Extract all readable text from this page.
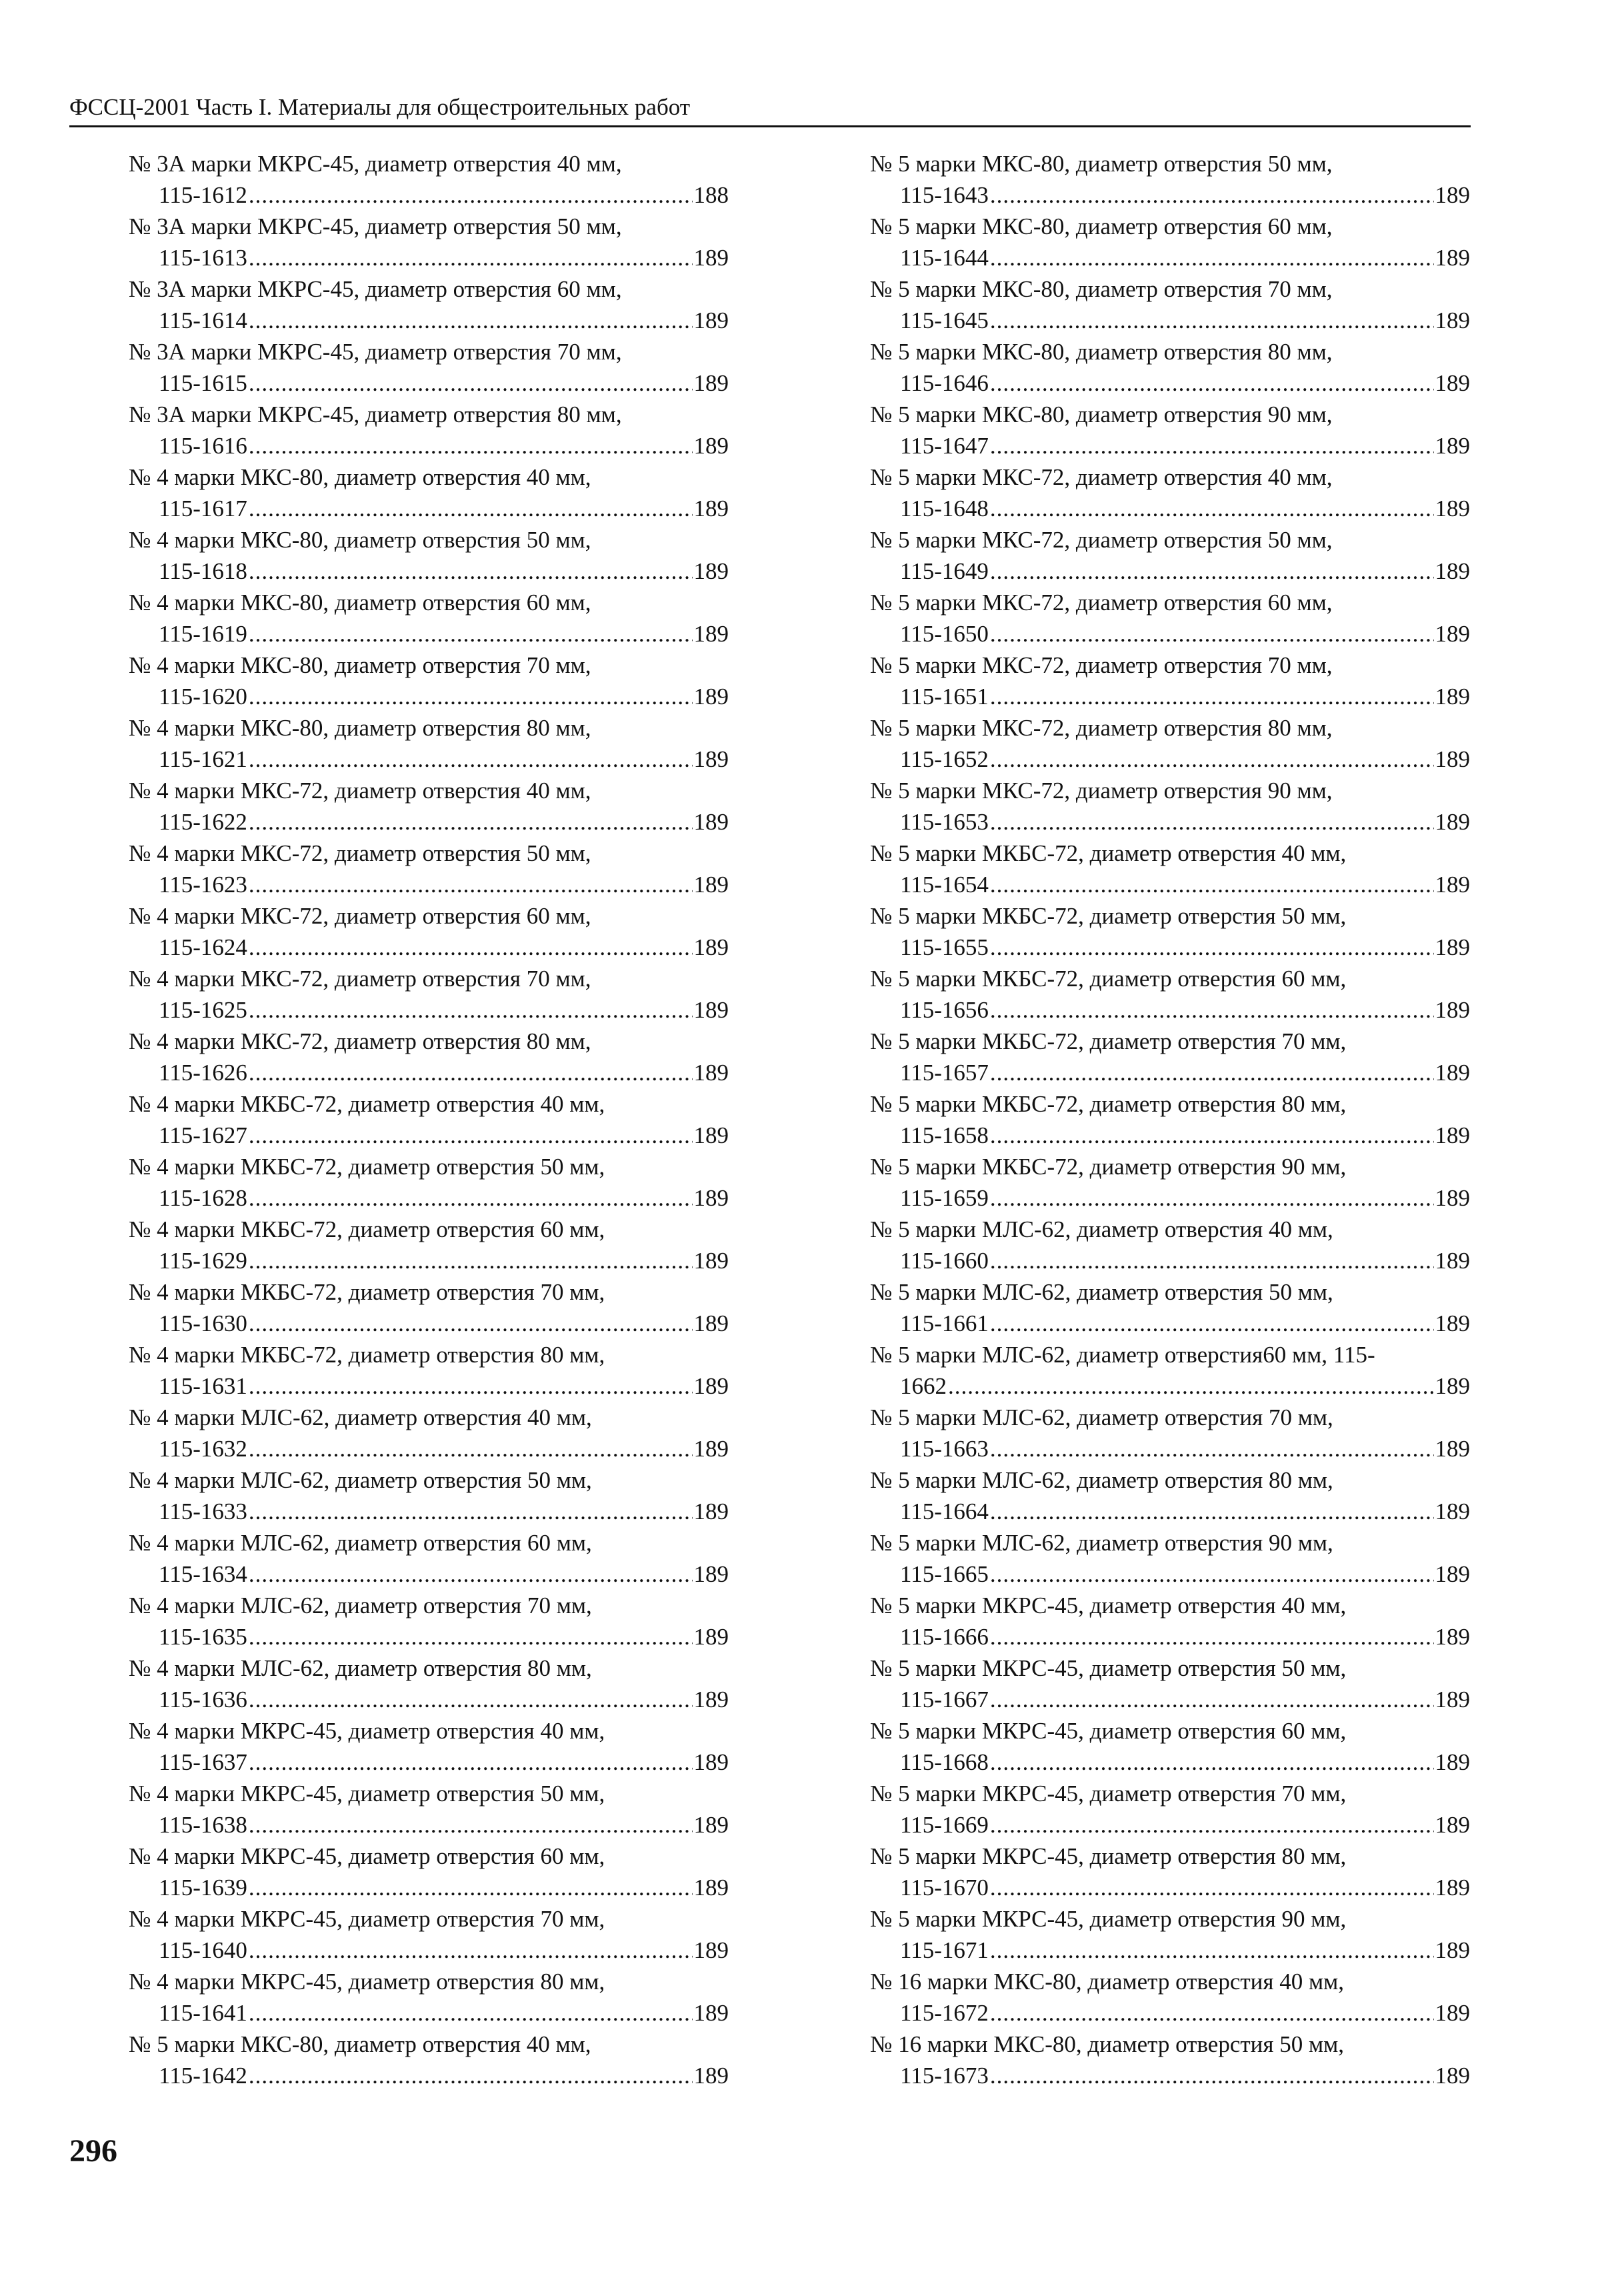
ФССЦ-2001 Часть I. Материалы для общестроительных работ
№ 3А марки МКРС-45, диаметр отверстия 40 мм,
115-1612 .....	188
№ 3А марки МКРС-45, диаметр отверстия 50 мм,
115-1613 .....	189
№ 3А марки МКРС-45, диаметр отверстия 60 мм,
115-1614 .....	189
№ 3А марки МКРС-45, диаметр отверстия 70 мм,
115-1615 .....	189
№ 3А марки МКРС-45, диаметр отверстия 80 мм,
115-1616 .....	189
№ 4 марки МКС-80, диаметр отверстия 40 мм,
115-1617 .....	189
№ 4 марки МКС-80, диаметр отверстия 50 мм,
115-1618 .....	189
№ 4 марки МКС-80, диаметр отверстия 60 мм,
115-1619 .....	189
№ 4 марки МКС-80, диаметр отверстия 70 мм,
115-1620 .....	189
№ 4 марки МКС-80, диаметр отверстия 80 мм,
115-1621 .....	189
№ 4 марки МКС-72, диаметр отверстия 40 мм,
115-1622 .....	189
№ 4 марки МКС-72, диаметр отверстия 50 мм,
115-1623 .....	189
№ 4 марки МКС-72, диаметр отверстия 60 мм,
115-1624 .....	189
№ 4 марки МКС-72, диаметр отверстия 70 мм,
115-1625 .....	189
№ 4 марки МКС-72, диаметр отверстия 80 мм,
115-1626 .....	189
№ 4 марки МКБС-72, диаметр отверстия 40 мм,
115-1627 .....	189
№ 4 марки МКБС-72, диаметр отверстия 50 мм,
115-1628 .....	189
№ 4 марки МКБС-72, диаметр отверстия 60 мм,
115-1629 .....	189
№ 4 марки МКБС-72, диаметр отверстия 70 мм,
115-1630 .....	189
№ 4 марки МКБС-72, диаметр отверстия 80 мм,
115-1631 .....	189
№ 4 марки МЛС-62, диаметр отверстия 40 мм,
115-1632 .....	189
№ 4 марки МЛС-62, диаметр отверстия 50 мм,
115-1633 .....	189
№ 4 марки МЛС-62, диаметр отверстия 60 мм,
115-1634 .....	189
№ 4 марки МЛС-62, диаметр отверстия 70 мм,
115-1635 .....	189
№ 4 марки МЛС-62, диаметр отверстия 80 мм,
115-1636 .....	189
№ 4 марки МКРС-45, диаметр отверстия 40 мм,
115-1637 .....	189
№ 4 марки МКРС-45, диаметр отверстия 50 мм,
115-1638 .....	189
№ 4 марки МКРС-45, диаметр отверстия 60 мм,
115-1639 .....	189
№ 4 марки МКРС-45, диаметр отверстия 70 мм,
115-1640 .....	189
№ 4 марки МКРС-45, диаметр отверстия 80 мм,
115-1641 .....	189
№ 5 марки МКС-80, диаметр отверстия 40 мм,
115-1642 .....	189
№ 5 марки МКС-80, диаметр отверстия 50 мм,
115-1643 .....	189
№ 5 марки МКС-80, диаметр отверстия 60 мм,
115-1644 .....	189
№ 5 марки МКС-80, диаметр отверстия 70 мм,
115-1645 .....	189
№ 5 марки МКС-80, диаметр отверстия 80 мм,
115-1646 .....	189
№ 5 марки МКС-80, диаметр отверстия 90 мм,
115-1647 .....	189
№ 5 марки МКС-72, диаметр отверстия 40 мм,
115-1648 .....	189
№ 5 марки МКС-72, диаметр отверстия 50 мм,
115-1649 .....	189
№ 5 марки МКС-72, диаметр отверстия 60 мм,
115-1650 .....	189
№ 5 марки МКС-72, диаметр отверстия 70 мм,
115-1651 .....	189
№ 5 марки МКС-72, диаметр отверстия 80 мм,
115-1652 .....	189
№ 5 марки МКС-72, диаметр отверстия 90 мм,
115-1653 .....	189
№ 5 марки МКБС-72, диаметр отверстия 40 мм,
115-1654 .....	189
№ 5 марки МКБС-72, диаметр отверстия 50 мм,
115-1655 .....	189
№ 5 марки МКБС-72, диаметр отверстия 60 мм,
115-1656 .....	189
№ 5 марки МКБС-72, диаметр отверстия 70 мм,
115-1657 .....	189
№ 5 марки МКБС-72, диаметр отверстия 80 мм,
115-1658 .....	189
№ 5 марки МКБС-72, диаметр отверстия 90 мм,
115-1659 .....	189
№ 5 марки МЛС-62, диаметр отверстия 40 мм,
115-1660 .....	189
№ 5 марки МЛС-62, диаметр отверстия 50 мм,
115-1661 .....	189
№ 5 марки МЛС-62, диаметр отверстия60 мм, 115-
1662 .....	189
№ 5 марки МЛС-62, диаметр отверстия 70 мм,
115-1663 .....	189
№ 5 марки МЛС-62, диаметр отверстия 80 мм,
115-1664 .....	189
№ 5 марки МЛС-62, диаметр отверстия 90 мм,
115-1665 .....	189
№ 5 марки МКРС-45, диаметр отверстия 40 мм,
115-1666 .....	189
№ 5 марки МКРС-45, диаметр отверстия 50 мм,
115-1667 .....	189
№ 5 марки МКРС-45, диаметр отверстия 60 мм,
115-1668 .....	189
№ 5 марки МКРС-45, диаметр отверстия 70 мм,
115-1669 .....	189
№ 5 марки МКРС-45, диаметр отверстия 80 мм,
115-1670 .....	189
№ 5 марки МКРС-45, диаметр отверстия 90 мм,
115-1671 .....	189
№ 16 марки МКС-80, диаметр отверстия 40 мм,
115-1672 .....	189
№ 16 марки МКС-80, диаметр отверстия 50 мм,
115-1673 .....	189
296
